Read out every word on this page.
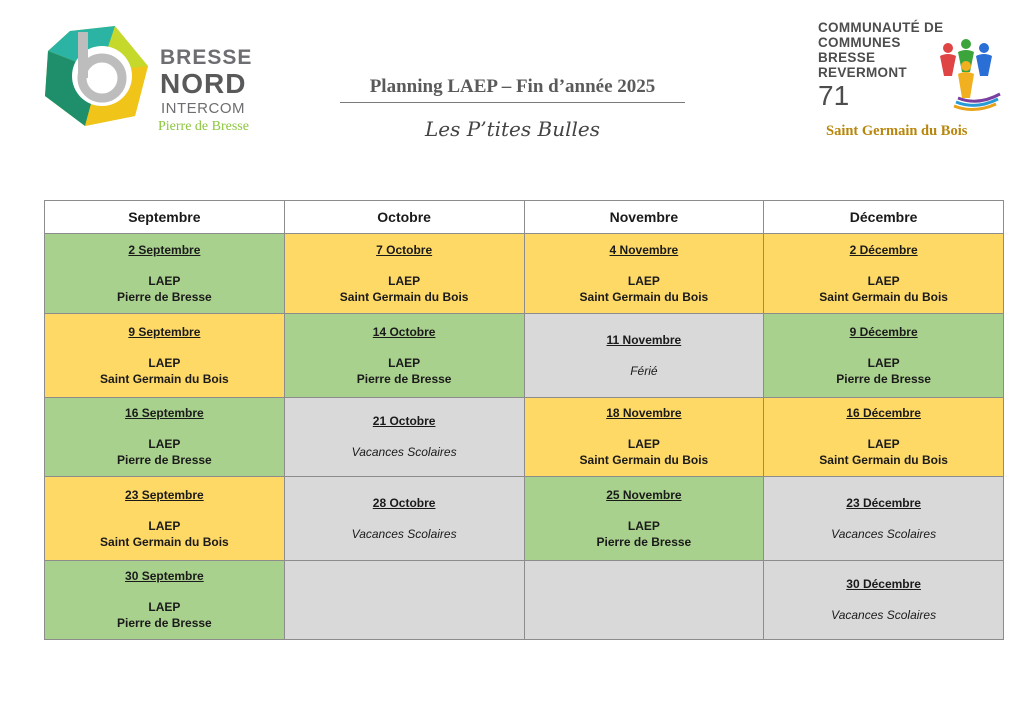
BRESSE
NORD
INTERCOM
Pierre de Bresse
Planning LAEP – Fin d’année 2025
Les P’tites Bulles
COMMUNAUTÉ DE
COMMUNES
BRESSE
REVERMONT
71
Saint Germain du Bois
Septembre	Octobre	Novembre	Décembre

2 Septembre
LAEP
Pierre de Bresse	7 Octobre
LAEP
Saint Germain du Bois	4 Novembre
LAEP
Saint Germain du Bois	2 Décembre
LAEP
Saint Germain du Bois

9 Septembre
LAEP
Saint Germain du Bois	14 Octobre
LAEP
Pierre de Bresse	11 Novembre
Férié	9 Décembre
LAEP
Pierre de Bresse

16 Septembre
LAEP
Pierre de Bresse	21 Octobre
Vacances Scolaires	18 Novembre
LAEP
Saint Germain du Bois	16 Décembre
LAEP
Saint Germain du Bois

23 Septembre
LAEP
Saint Germain du Bois	28 Octobre
Vacances Scolaires	25 Novembre
LAEP
Pierre de Bresse	23 Décembre
Vacances Scolaires

30 Septembre
LAEP
Pierre de Bresse			30 Décembre
Vacances Scolaires
